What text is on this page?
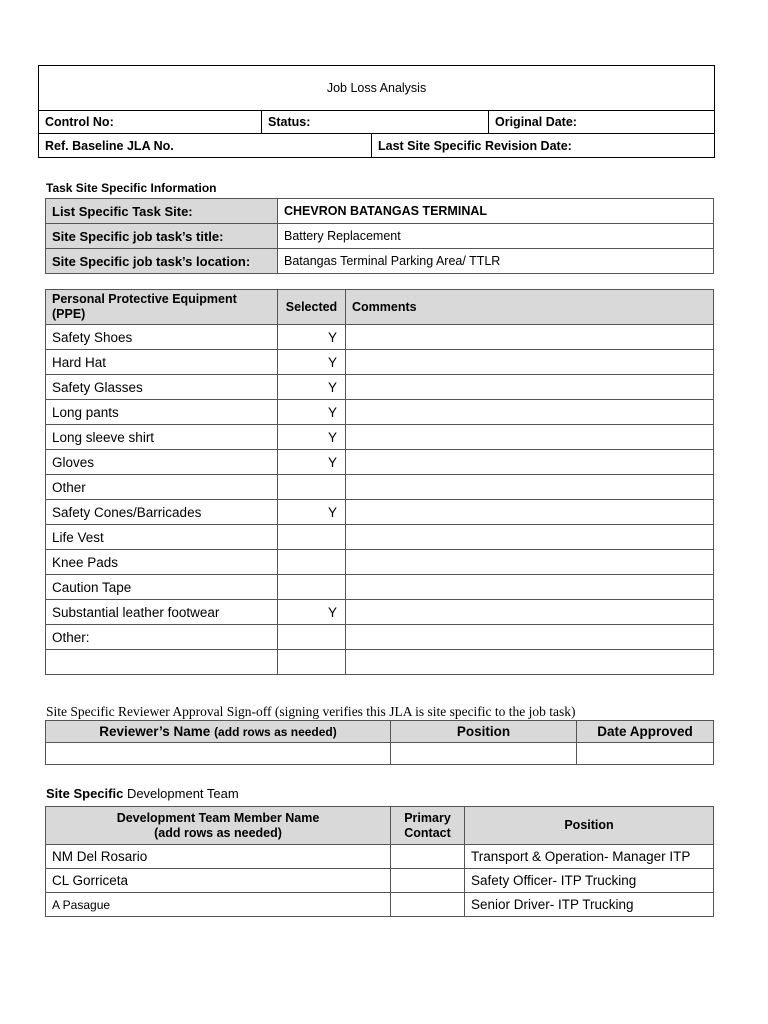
Job Loss Analysis			
Control No:	Status:		Original Date:
Ref. Baseline JLA No.		Last Site Specific Revision Date:	
Task Site Specific Information
List Specific Task Site:	CHEVRON BATANGAS TERMINAL
Site Specific job task’s title:	Battery Replacement
Site Specific job task’s location:	Batangas Terminal Parking Area/ TTLR
Personal Protective Equipment (PPE)	Selected	Comments
Safety Shoes	Y	
Hard Hat	Y	
Safety Glasses	Y	
Long pants	Y	
Long sleeve shirt	Y	
Gloves	Y	
Other		
Safety Cones/Barricades	Y	
Life Vest		
Knee Pads		
Caution Tape		
Substantial leather footwear	Y	
Other:		

Site Specific Reviewer Approval Sign-off (signing verifies this JLA is site specific to the job task)
Reviewer’s Name (add rows as needed)	Position	Date Approved

Site Specific Development Team
Development Team Member Name
(add rows as needed)	Primary Contact	Position
NM Del Rosario		Transport & Operation- Manager ITP
CL Gorriceta		Safety Officer- ITP Trucking
A Pasague		Senior Driver- ITP Trucking
